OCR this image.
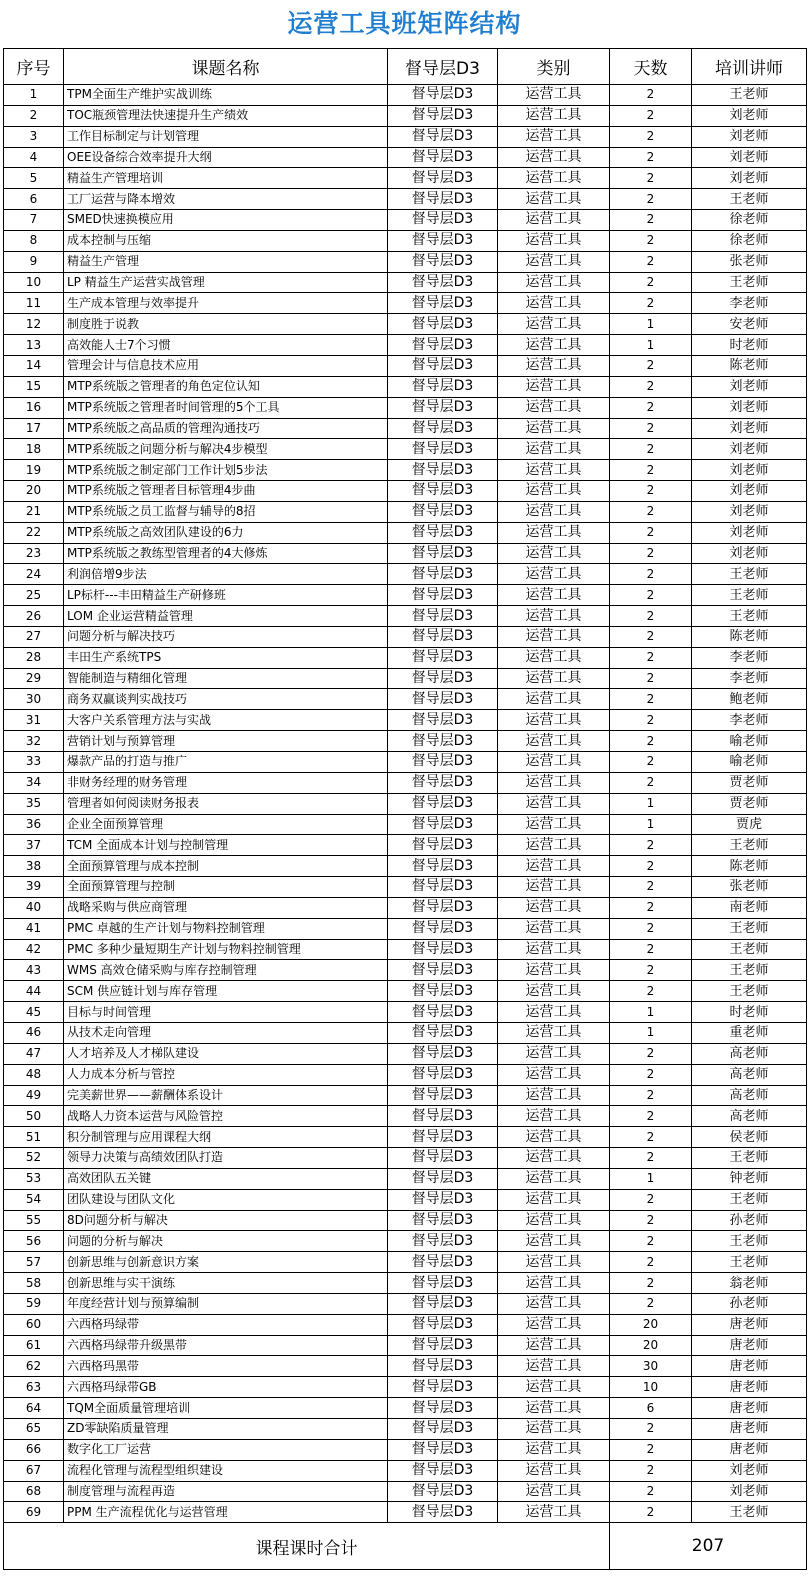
运营工具班矩阵结构
序号	课题名称	督导层D3	类别	天数	培训讲师
1	TPM全面生产维护实战训练	督导层D3	运营工具	2	王老师
2	TOC瓶颈管理法快速提升生产绩效	督导层D3	运营工具	2	刘老师
3	工作目标制定与计划管理	督导层D3	运营工具	2	刘老师
4	OEE设备综合效率提升大纲	督导层D3	运营工具	2	刘老师
5	精益生产管理培训	督导层D3	运营工具	2	刘老师
6	工厂运营与降本增效	督导层D3	运营工具	2	王老师
7	SMED快速换模应用	督导层D3	运营工具	2	徐老师
8	成本控制与压缩	督导层D3	运营工具	2	徐老师
9	精益生产管理	督导层D3	运营工具	2	张老师
10	LP 精益生产运营实战管理	督导层D3	运营工具	2	王老师
11	生产成本管理与效率提升	督导层D3	运营工具	2	李老师
12	制度胜于说教	督导层D3	运营工具	1	安老师
13	高效能人士7个习惯	督导层D3	运营工具	1	时老师
14	管理会计与信息技术应用	督导层D3	运营工具	2	陈老师
15	MTP系统版之管理者的角色定位认知	督导层D3	运营工具	2	刘老师
16	MTP系统版之管理者时间管理的5个工具	督导层D3	运营工具	2	刘老师
17	MTP系统版之高品质的管理沟通技巧	督导层D3	运营工具	2	刘老师
18	MTP系统版之问题分析与解决4步模型	督导层D3	运营工具	2	刘老师
19	MTP系统版之制定部门工作计划5步法	督导层D3	运营工具	2	刘老师
20	MTP系统版之管理者目标管理4步曲	督导层D3	运营工具	2	刘老师
21	MTP系统版之员工监督与辅导的8招	督导层D3	运营工具	2	刘老师
22	MTP系统版之高效团队建设的6力	督导层D3	运营工具	2	刘老师
23	MTP系统版之教练型管理者的4大修炼	督导层D3	运营工具	2	刘老师
24	利润倍增9步法	督导层D3	运营工具	2	王老师
25	LP标杆---丰田精益生产研修班	督导层D3	运营工具	2	王老师
26	LOM 企业运营精益管理	督导层D3	运营工具	2	王老师
27	问题分析与解决技巧	督导层D3	运营工具	2	陈老师
28	丰田生产系统TPS	督导层D3	运营工具	2	李老师
29	智能制造与精细化管理	督导层D3	运营工具	2	李老师
30	商务双赢谈判实战技巧	督导层D3	运营工具	2	鲍老师
31	大客户关系管理方法与实战	督导层D3	运营工具	2	李老师
32	营销计划与预算管理	督导层D3	运营工具	2	喻老师
33	爆款产品的打造与推广	督导层D3	运营工具	2	喻老师
34	非财务经理的财务管理	督导层D3	运营工具	2	贾老师
35	管理者如何阅读财务报表	督导层D3	运营工具	1	贾老师
36	企业全面预算管理	督导层D3	运营工具	1	贾虎
37	TCM 全面成本计划与控制管理	督导层D3	运营工具	2	王老师
38	全面预算管理与成本控制	督导层D3	运营工具	2	陈老师
39	全面预算管理与控制	督导层D3	运营工具	2	张老师
40	战略采购与供应商管理	督导层D3	运营工具	2	南老师
41	PMC 卓越的生产计划与物料控制管理	督导层D3	运营工具	2	王老师
42	PMC 多种少量短期生产计划与物料控制管理	督导层D3	运营工具	2	王老师
43	WMS 高效仓储采购与库存控制管理	督导层D3	运营工具	2	王老师
44	SCM 供应链计划与库存管理	督导层D3	运营工具	2	王老师
45	目标与时间管理	督导层D3	运营工具	1	时老师
46	从技术走向管理	督导层D3	运营工具	1	重老师
47	人才培养及人才梯队建设	督导层D3	运营工具	2	高老师
48	人力成本分析与管控	督导层D3	运营工具	2	高老师
49	完美薪世界——薪酬体系设计	督导层D3	运营工具	2	高老师
50	战略人力资本运营与风险管控	督导层D3	运营工具	2	高老师
51	积分制管理与应用课程大纲	督导层D3	运营工具	2	侯老师
52	领导力决策与高绩效团队打造	督导层D3	运营工具	2	王老师
53	高效团队五关键	督导层D3	运营工具	1	钟老师
54	团队建设与团队文化	督导层D3	运营工具	2	王老师
55	8D问题分析与解决	督导层D3	运营工具	2	孙老师
56	问题的分析与解决	督导层D3	运营工具	2	王老师
57	创新思维与创新意识方案	督导层D3	运营工具	2	王老师
58	创新思维与实干演练	督导层D3	运营工具	2	翁老师
59	年度经营计划与预算编制	督导层D3	运营工具	2	孙老师
60	六西格玛绿带	督导层D3	运营工具	20	唐老师
61	六西格玛绿带升级黑带	督导层D3	运营工具	20	唐老师
62	六西格玛黑带	督导层D3	运营工具	30	唐老师
63	六西格玛绿带GB	督导层D3	运营工具	10	唐老师
64	TQM全面质量管理培训	督导层D3	运营工具	6	唐老师
65	ZD零缺陷质量管理	督导层D3	运营工具	2	唐老师
66	数字化工厂运营	督导层D3	运营工具	2	唐老师
67	流程化管理与流程型组织建设	督导层D3	运营工具	2	刘老师
68	制度管理与流程再造	督导层D3	运营工具	2	刘老师
69	PPM 生产流程优化与运营管理	督导层D3	运营工具	2	王老师
课程课时合计				207	
